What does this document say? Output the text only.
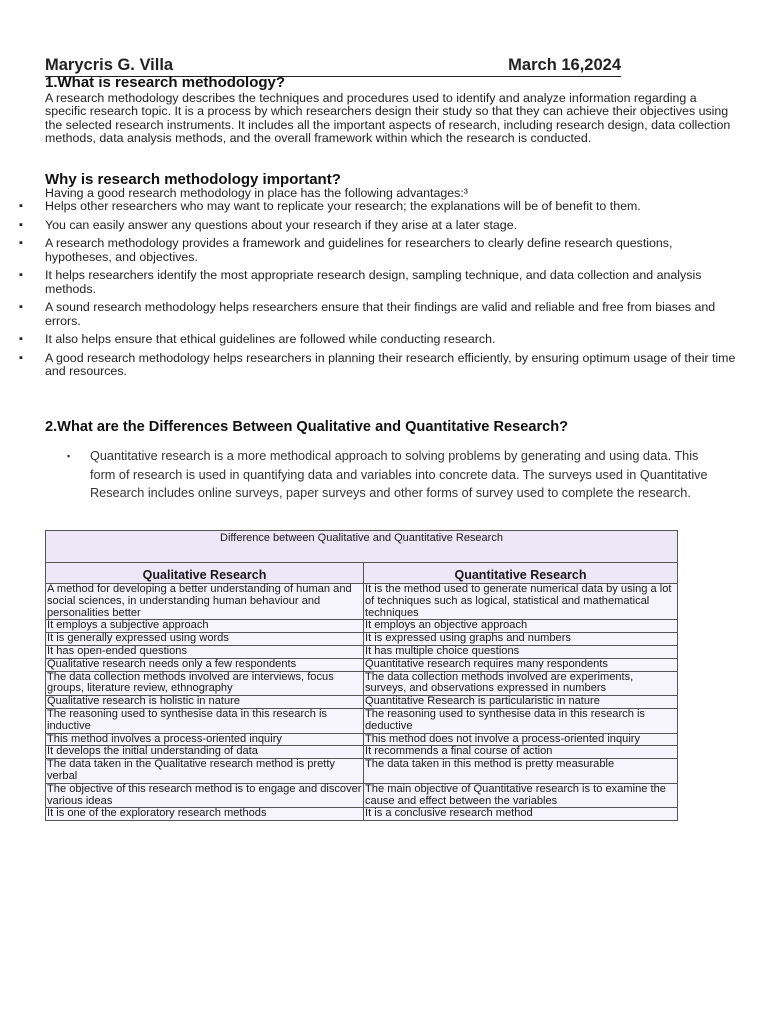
Marycris G. Villa	March 16,2024
1.What is research methodology?
A research methodology describes the techniques and procedures used to identify and analyze information regarding a specific research topic. It is a process by which researchers design their study so that they can achieve their objectives using the selected research instruments. It includes all the important aspects of research, including research design, data collection methods, data analysis methods, and the overall framework within which the research is conducted.
Why is research methodology important?
Having a good research methodology in place has the following advantages:³
▪ Helps other researchers who may want to replicate your research; the explanations will be of benefit to them.
▪ You can easily answer any questions about your research if they arise at a later stage.
▪ A research methodology provides a framework and guidelines for researchers to clearly define research questions, hypotheses, and objectives.
▪ It helps researchers identify the most appropriate research design, sampling technique, and data collection and analysis methods.
▪ A sound research methodology helps researchers ensure that their findings are valid and reliable and free from biases and errors.
▪ It also helps ensure that ethical guidelines are followed while conducting research.
▪ A good research methodology helps researchers in planning their research efficiently, by ensuring optimum usage of their time and resources.
2.What are the Differences Between Qualitative and Quantitative Research?
▪ Quantitative research is a more methodical approach to solving problems by generating and using data. This form of research is used in quantifying data and variables into concrete data. The surveys used in Quantitative Research includes online surveys, paper surveys and other forms of survey used to complete the research.
Difference between Qualitative and Quantitative Research	
Qualitative Research	Quantitative Research
A method for developing a better understanding of human and social sciences, in understanding human behaviour and personalities better	It is the method used to generate numerical data by using a lot of techniques such as logical, statistical and mathematical techniques
It employs a subjective approach	It employs an objective approach
It is generally expressed using words	It is expressed using graphs and numbers
It has open-ended questions	It has multiple choice questions
Qualitative research needs only a few respondents	Quantitative research requires many respondents
The data collection methods involved are interviews, focus groups, literature review, ethnography	The data collection methods involved are experiments, surveys, and observations expressed in numbers
Qualitative research is holistic in nature	Quantitative Research is particularistic in nature
The reasoning used to synthesise data in this research is inductive	The reasoning used to synthesise data in this research is deductive
This method involves a process-oriented inquiry	This method does not involve a process-oriented inquiry
It develops the initial understanding of data	It recommends a final course of action
The data taken in the Qualitative research method is pretty verbal	The data taken in this method is pretty measurable
The objective of this research method is to engage and discover various ideas	The main objective of Quantitative research is to examine the cause and effect between the variables
It is one of the exploratory research methods	It is a conclusive research method
